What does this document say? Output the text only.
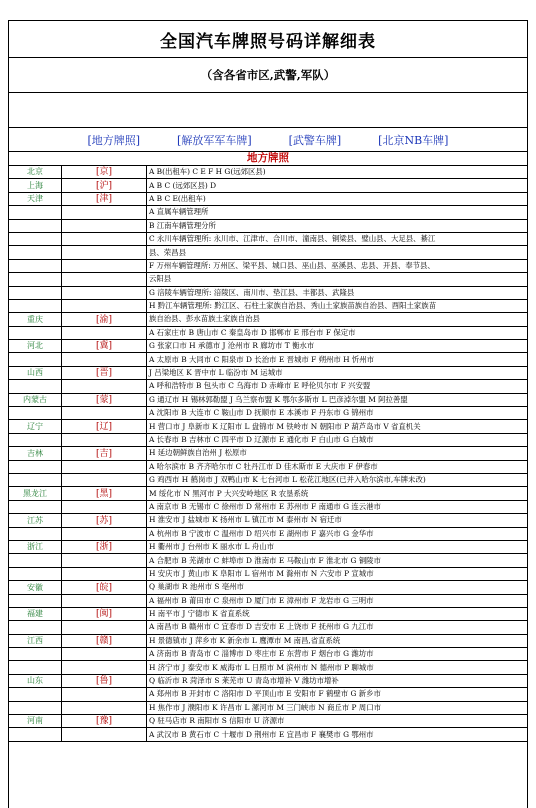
全国汽车牌照号码详解细表
（含各省市区,武警,军队）
[地方牌照]	[解放军军车牌]	[武警车牌]	[北京NB车牌]
地方牌照
北京	[京]	A B(出租车) C E F H G(远郊区县)
上海	[沪]	A B C (远郊区县) D
天津	[津]	A B C E(出租车)
		A 直属车辆管理所
		B 江南车辆管理分所
		C 永川车辆管理所: 永川市、江津市、合川市、潼南县、铜梁县、璧山县、大足县、綦江
		县、荣昌县
		F 万州车辆管理所: 万州区、梁平县、城口县、巫山县、巫溪县、忠县、开县、奉节县、
		云阳县
		G 涪陵车辆管理所: 涪陵区、南川市、垫江县、丰都县、武隆县
		H 黔江车辆管理所: 黔江区、石柱土家族自治县、秀山土家族苗族自治县、酉阳土家族苗
重庆	[渝]	族自治县、彭水苗族土家族自治县
		A 石家庄市 B 唐山市 C 秦皇岛市 D 邯郸市 E 邢台市 F 保定市
河北	[冀]	G 张家口市 H 承德市 J 沧州市 R 廊坊市 T 衡水市
		A 太原市 B 大同市 C 阳泉市 D 长治市 E 晋城市 F 朔州市 H 忻州市
山西	[晋]	J 吕梁地区 K 晋中市 L 临汾市 M 运城市
		A 呼和浩特市 B 包头市 C 乌海市 D 赤峰市 E 呼伦贝尔市 F 兴安盟
内蒙古	[蒙]	G 通辽市 H 锡林郭勒盟 J 乌兰察布盟 K 鄂尔多斯市 L 巴彦淖尔盟 M 阿拉善盟
		A 沈阳市 B 大连市 C 鞍山市 D 抚顺市 E 本溪市 F 丹东市 G 锦州市
辽宁	[辽]	H 营口市 J 阜新市 K 辽阳市 L 盘锦市 M 铁岭市 N 朝阳市 P 葫芦岛市 V 省直机关
		A 长春市 B 吉林市 C 四平市 D 辽源市 E 通化市 F 白山市 G 白城市
吉林	[吉]	H 延边朝鲜族自治州 J 松原市
		A 哈尔滨市 B 齐齐哈尔市 C 牡丹江市 D 佳木斯市 E 大庆市 F 伊春市
		G 鸡西市 H 鹤岗市 J 双鸭山市 K 七台河市 L 松花江地区(已并入哈尔滨市,车牌未改)
黑龙江	[黑]	M 绥化市 N 黑河市 P 大兴安岭地区 R 农垦系统
		A 南京市 B 无锡市 C 徐州市 D 常州市 E 苏州市 F 南通市 G 连云港市
江苏	[苏]	H 淮安市 J 盐城市 K 扬州市 L 镇江市 M 泰州市 N 宿迁市
		A 杭州市 B 宁波市 C 温州市 D 绍兴市 E 湖州市 F 嘉兴市 G 金华市
浙江	[浙]	H 衢州市 J 台州市 K 丽水市 L 舟山市
		A 合肥市 B 芜湖市 C 蚌埠市 D 淮南市 E 马鞍山市 F 淮北市 G 铜陵市
		H 安庆市 J 黄山市 K 阜阳市 L 宿州市 M 滁州市 N 六安市 P 宣城市
安徽	[皖]	Q 巢湖市 R 池州市 S 亳州市
		A 福州市 B 莆田市 C 泉州市 D 厦门市 E 漳州市 F 龙岩市 G 三明市
福建	[闽]	H 南平市 J 宁德市 K 省直系统
		A 南昌市 B 赣州市 C 宜春市 D 吉安市 E 上饶市 F 抚州市 G 九江市
江西	[赣]	H 景德镇市 J 萍乡市 K 新余市 L 鹰潭市 M 南昌,省直系统
		A 济南市 B 青岛市 C 淄博市 D 枣庄市 E 东营市 F 烟台市 G 潍坊市
		H 济宁市 J 泰安市 K 威海市 L 日照市 M 滨州市 N 德州市 P 聊城市
山东	[鲁]	Q 临沂市 R 菏泽市 S 莱芜市 U 青岛市增补 V 潍坊市增补
		A 郑州市 B 开封市 C 洛阳市 D 平顶山市 E 安阳市 F 鹤壁市 G 新乡市
		H 焦作市 J 濮阳市 K 许昌市 L 漯河市 M 三门峡市 N 商丘市 P 周口市
河南	[豫]	Q 驻马店市 R 南阳市 S 信阳市 U 济源市
		A 武汉市 B 黄石市 C 十堰市 D 荆州市 E 宜昌市 F 襄樊市 G 鄂州市
